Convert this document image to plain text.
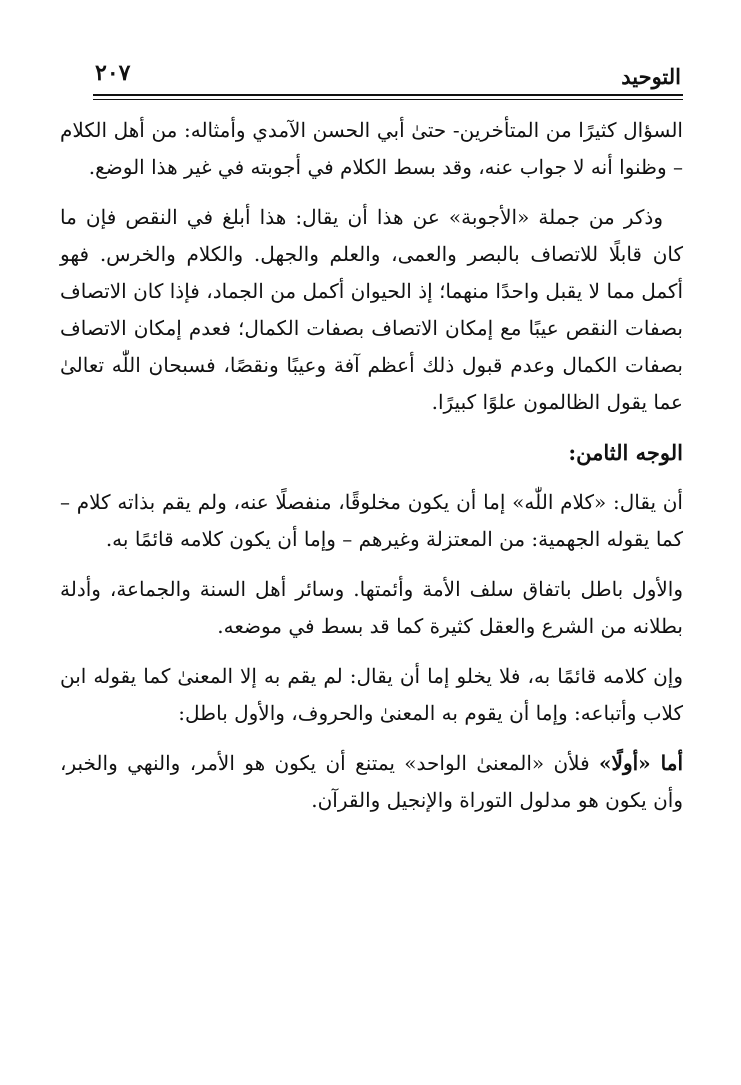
التوحيد
٢٠٧

السؤال كثيرًا من المتأخرين- حتىٰ أبي الحسن الآمدي وأمثاله: من أهل الكلام – وظنوا أنه لا جواب عنه، وقد بسط الكلام في أجوبته في غير هذا الوضع.

وذكر من جملة «الأجوبة» عن هذا أن يقال: هذا أبلغ في النقص فإن ما كان قابلًا للاتصاف بالبصر والعمى، والعلم والجهل. والكلام والخرس. فهو أكمل مما لا يقبل واحدًا منهما؛ إذ الحيوان أكمل من الجماد، فإذا كان الاتصاف بصفات النقص عيبًا مع إمكان الاتصاف بصفات الكمال؛ فعدم إمكان الاتصاف بصفات الكمال وعدم قبول ذلك أعظم آفة وعيبًا ونقصًا، فسبحان اللّٰه تعالىٰ عما يقول الظالمون علوًا كبيرًا.

الوجه الثامن:

أن يقال: «كلام اللّٰه» إما أن يكون مخلوقًا، منفصلًا عنه، ولم يقم بذاته كلام – كما يقوله الجهمية: من المعتزلة وغيرهم – وإما أن يكون كلامه قائمًا به.

والأول باطل باتفاق سلف الأمة وأئمتها. وسائر أهل السنة والجماعة، وأدلة بطلانه من الشرع والعقل كثيرة كما قد بسط في موضعه.

وإن كلامه قائمًا به، فلا يخلو إما أن يقال: لم يقم به إلا المعنىٰ كما يقوله ابن كلاب وأتباعه: وإما أن يقوم به المعنىٰ والحروف، والأول باطل:

أما «أولًا» فلأن «المعنىٰ الواحد» يمتنع أن يكون هو الأمر، والنهي والخبر، وأن يكون هو مدلول التوراة والإنجيل والقرآن.
